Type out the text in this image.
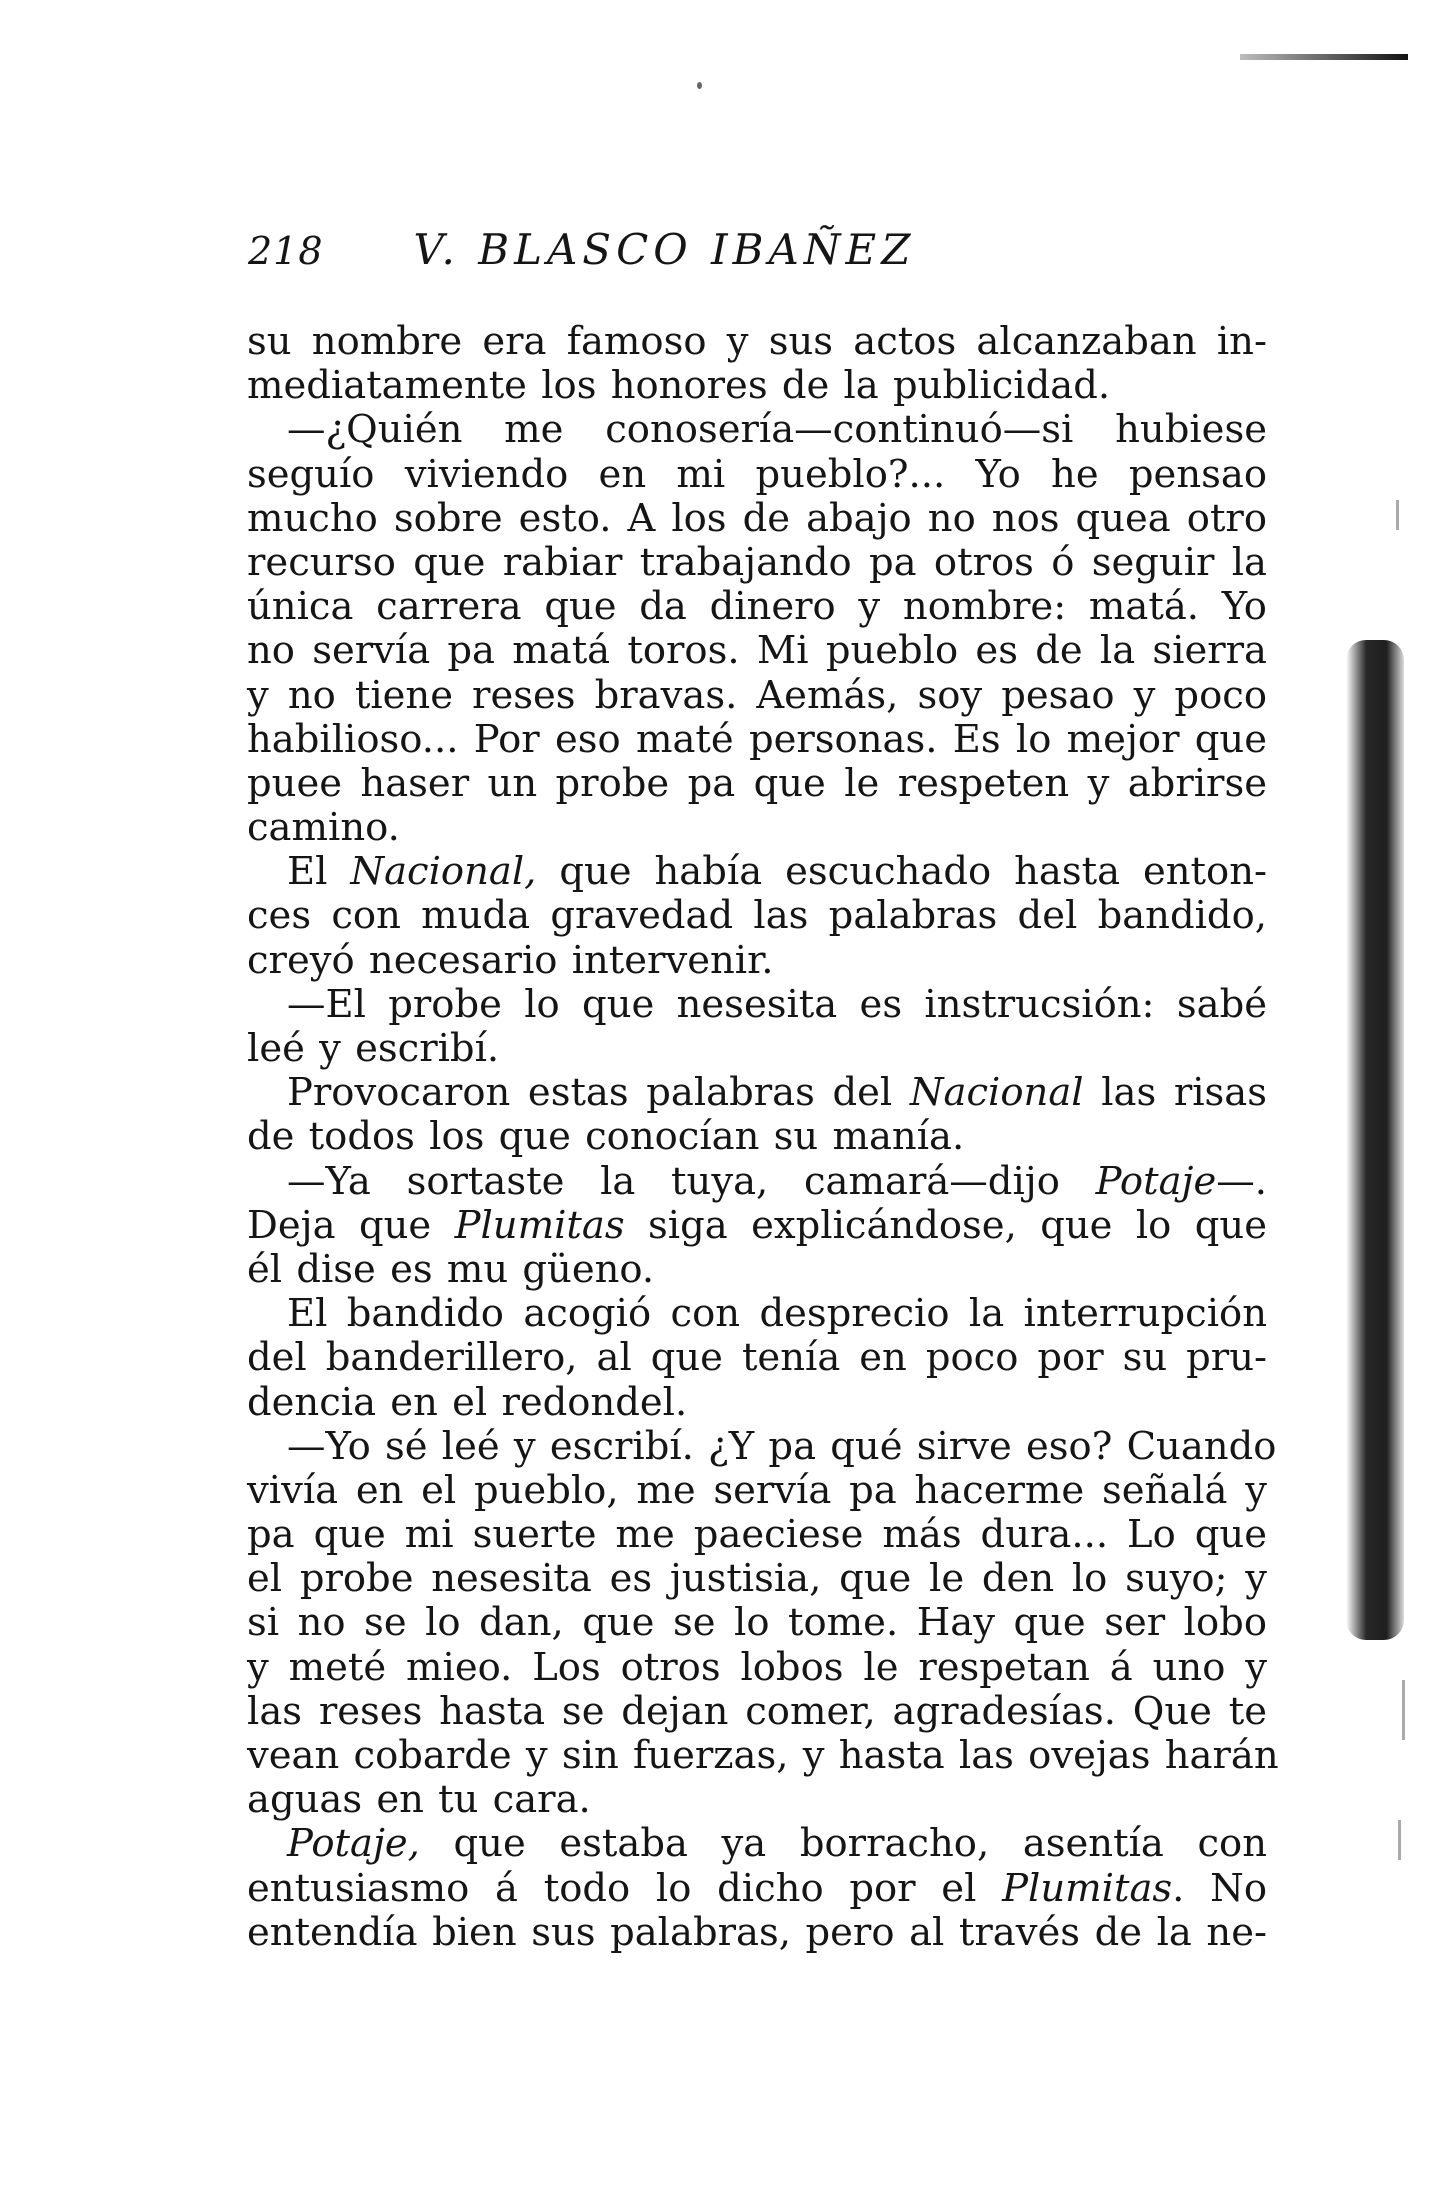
218 V. BLASCO IBAÑEZ
su nombre era famoso y sus actos alcanzaban in-
mediatamente los honores de la publicidad.
—¿Quién me conosería—continuó—si hubiese
seguío viviendo en mi pueblo?... Yo he pensao
mucho sobre esto. A los de abajo no nos quea otro
recurso que rabiar trabajando pa otros ó seguir la
única carrera que da dinero y nombre: matá. Yo
no servía pa matá toros. Mi pueblo es de la sierra
y no tiene reses bravas. Aemás, soy pesao y poco
habilioso... Por eso maté personas. Es lo mejor que
puee haser un probe pa que le respeten y abrirse
camino.
El Nacional, que había escuchado hasta enton-
ces con muda gravedad las palabras del bandido,
creyó necesario intervenir.
—El probe lo que nesesita es instrucsión: sabé
leé y escribí.
Provocaron estas palabras del Nacional las risas
de todos los que conocían su manía.
—Ya sortaste la tuya, camará—dijo Potaje—.
Deja que Plumitas siga explicándose, que lo que
él dise es mu güeno.
El bandido acogió con desprecio la interrupción
del banderillero, al que tenía en poco por su pru-
dencia en el redondel.
—Yo sé leé y escribí. ¿Y pa qué sirve eso? Cuando
vivía en el pueblo, me servía pa hacerme señalá y
pa que mi suerte me paeciese más dura... Lo que
el probe nesesita es justisia, que le den lo suyo; y
si no se lo dan, que se lo tome. Hay que ser lobo
y meté mieo. Los otros lobos le respetan á uno y
las reses hasta se dejan comer, agradesías. Que te
vean cobarde y sin fuerzas, y hasta las ovejas harán
aguas en tu cara.
Potaje, que estaba ya borracho, asentía con
entusiasmo á todo lo dicho por el Plumitas. No
entendía bien sus palabras, pero al través de la ne-
